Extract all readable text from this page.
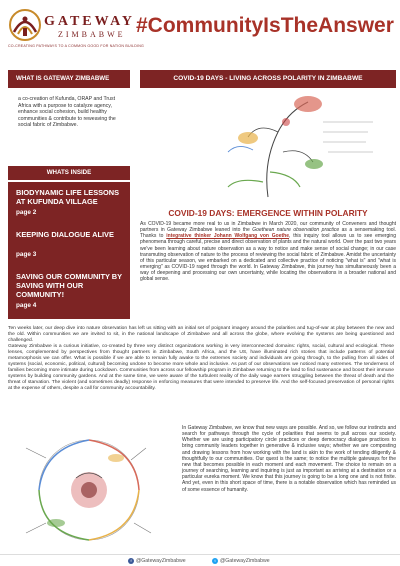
GATEWAY
ZIMBABWE
CO-CREATING PATHWAYS TO A COMMON GOOD FOR NATION BUILDING
#CommunityIsTheAnswer
WHAT IS GATEWAY ZIMBABWE
a co-creation of Kufunda, ORAP and Trust Africa with a purpose to catalyze agency, enhance social cohesion, build healthy communities & contribute to reweaving the social fabric of Zimbabwe.
WHATS INSIDE
BIODYNAMIC LIFE LESSONS AT KUFUNDA VILLAGE
page 2
KEEPING DIALOGUE ALIVE
page 3
SAVING OUR COMMUNITY BY SAVING WITH OUR COMMUNITY!
page 4
COVID-19 DAYS - LIVING ACROSS POLARITY IN ZIMBABWE
COVID-19 DAYS: EMERGENCE WITHIN POLARITY
As COVID-19 became more real to us in Zimbabwe in March 2020, our community of Conveners and thought partners in Gateway Zimbabwe leaned into the Goethean nature observation practice as a sensemaking tool. Thanks to integrative thinker Johann Wolfgang von Goethe, this inquiry tool allows us to see emerging phenomena through careful, precise and direct observation of plants and the natural world. Over the past two years we've been learning about nature observation as a way to notice and make sense of social change; in our case transmuting observation of nature to the process of reviewing the social fabric of Zimbabwe. Amidst the uncertainty of this particular season, we embarked on a dedicated and collective practice of noticing "what is" and "what is emerging" as COVID-19 raged through the world. In Gateway Zimbabwe, this journey has simultaneously been a way of deepening and processing our own uncertainty, while locating the observations in a broader national and global sense.

Ten weeks later, our deep dive into nature observation has left us sitting with an initial set of poignant imagery around the polarities and tug-of-war at play between the new and the old. Within communities we are invited to sit, in the national landscape of Zimbabwe and all across the globe, where evolving the systems are being questioned and challenged.

Gateway Zimbabwe is a curious initiative, co-created by three very distinct organizations working in very interconnected domains: rights, social, cultural and ecological. These lenses, complemented by perspectives from thought partners in Zimbabwe, South Africa, and the US, have illuminated rich stories that include patterns of potential metamorphosis we can offer. What is possible if we are able to remain fully awake to the extremes society and individuals are going through, to the pulling from all sides of systems (social, economic, political, cultural) becoming undone to become more whole and inclusive. As part of our observations we noticed many extremes. The tenderness of families becoming more intimate during Lockdown. Communities from across our fellowship program in Zimbabwe returning to the land to find sustenance and boost their immune systems by building community gardens. And at the same time, we were aware of the turbulent reality of the daily wage earners struggling between the threat of death and the threat of starvation. The violent (and sometimes deadly) response in enforcing measures that were intended to preserve life. And the self-focused preservation of personal rights at the expense of others, despite a call for community accountability.

In Gateway Zimbabwe, we know that new ways are possible. And so, we follow our instincts and search for pathways through the cycle of polarities that seems to pull across our society. Whether we are using participatory circle practices or deep democracy dialogue practices to bring community leaders together in generative & inclusive ways; whether we are composting and drawing lessons from how working with the land is akin to the work of tending diligently & thoughtfully to our communities. Our quest is the same; to notice the multiple gateways for the new that becomes possible in each moment and each movement. The choice to remain on a journey of searching, learning and inquiring is just as important as arriving at a destination or a particular eureka moment. We know that this journey is going to be a long one and is not finite. And yet, even in this short space of time, there is a notable observation which has reminded us of some essence of humanity.
f @GatewayZimbabwe	t @GatewayZimbabwe
